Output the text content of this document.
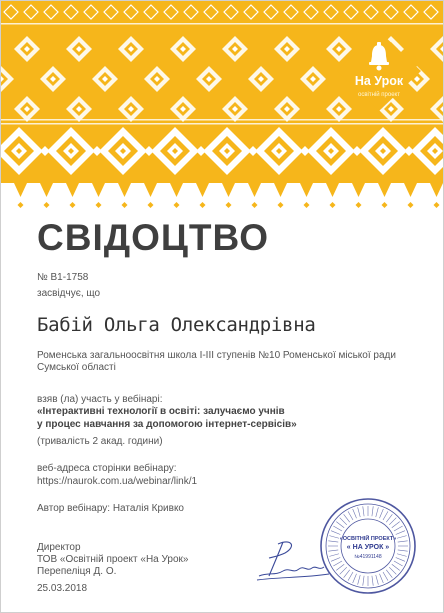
На Урок
освітній проект
СВІДОЦТВО
№ В1-1758
засвідчує, що
Бабій Ольга Олександрівна
Роменська загальноосвітня школа І-ІІІ ступенів №10 Роменської міської ради
Сумської області
взяв (ла) участь у вебінарі:
«Інтерактивні технології в освіті: залучаємо учнів
у процес навчання за допомогою інтернет-сервісів»
(тривалість 2 акад. години)
веб-адреса сторінки вебінару:
https://naurok.com.ua/webinar/link/1
Автор вебінару: Наталія Кривко
Директор
ТОВ «Освітній проект «На Урок»
Перепеліця Д. О.
25.03.2018
«ОСВІТНІЙ ПРОЕКТ»
« НА УРОК »
№41991148
